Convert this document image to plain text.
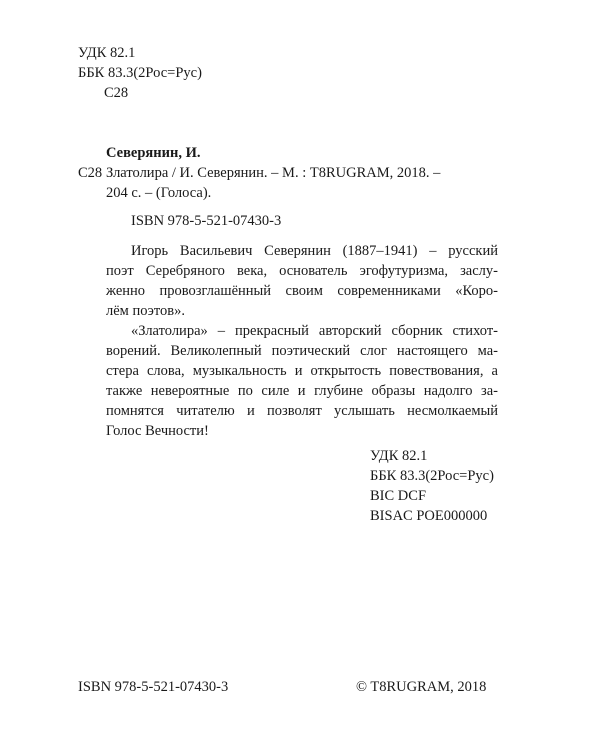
УДК 82.1
ББК 83.3(2Рос=Рус)
С28
Северянин, И.
С28 Златолира / И. Северянин. – М. : T8RUGRAM, 2018. –
204 с. – (Голоса).
ISBN 978-5-521-07430-3
Игорь Васильевич Северянин (1887–1941) – русский
поэт Серебряного века, основатель эгофутуризма, заслу-
женно провозглашённый своим современниками «Коро-
лём поэтов».
«Златолира» – прекрасный авторский сборник стихот-
ворений. Великолепный поэтический слог настоящего ма-
стера слова, музыкальность и открытость повествования, а
также невероятные по силе и глубине образы надолго за-
помнятся читателю и позволят услышать несмолкаемый
Голос Вечности!
УДК 82.1
ББК 83.3(2Рос=Рус)
BIC DCF
BISAC POE000000
ISBN 978-5-521-07430-3	© T8RUGRAM, 2018
